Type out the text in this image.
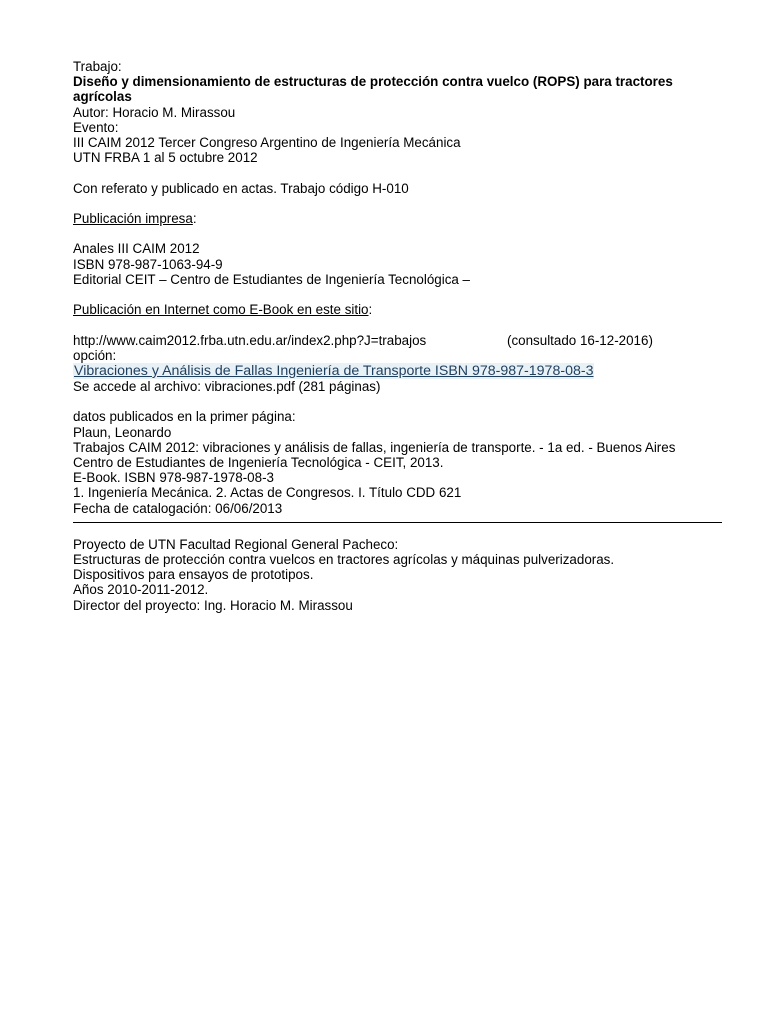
Trabajo:
Diseño y dimensionamiento de estructuras de protección contra vuelco (ROPS) para tractores agrícolas
Autor: Horacio M. Mirassou
Evento:
III CAIM 2012 Tercer Congreso Argentino de Ingeniería Mecánica
UTN FRBA 1 al 5 octubre 2012
Con referato y publicado en actas. Trabajo código H-010
Publicación impresa:
Anales III CAIM 2012
ISBN 978-987-1063-94-9
Editorial CEIT – Centro de Estudiantes de Ingeniería Tecnológica –
Publicación en Internet como E-Book en este sitio:
http://www.caim2012.frba.utn.edu.ar/index2.php?J=trabajos	(consultado 16-12-2016)
opción:
Vibraciones y Análisis de Fallas Ingeniería de Transporte ISBN 978-987-1978-08-3
Se accede al archivo: vibraciones.pdf (281 páginas)
datos publicados en la primer página:
Plaun, Leonardo
Trabajos CAIM 2012: vibraciones y análisis de fallas, ingeniería de transporte. - 1a ed. - Buenos Aires
Centro de Estudiantes de Ingeniería Tecnológica - CEIT, 2013.
E-Book. ISBN 978-987-1978-08-3
1. Ingeniería Mecánica. 2. Actas de Congresos. I. Título CDD 621
Fecha de catalogación: 06/06/2013
Proyecto de UTN Facultad Regional General Pacheco:
Estructuras de protección contra vuelcos en tractores agrícolas y máquinas pulverizadoras.
Dispositivos para ensayos de prototipos.
Años 2010-2011-2012.
Director del proyecto: Ing. Horacio M. Mirassou
